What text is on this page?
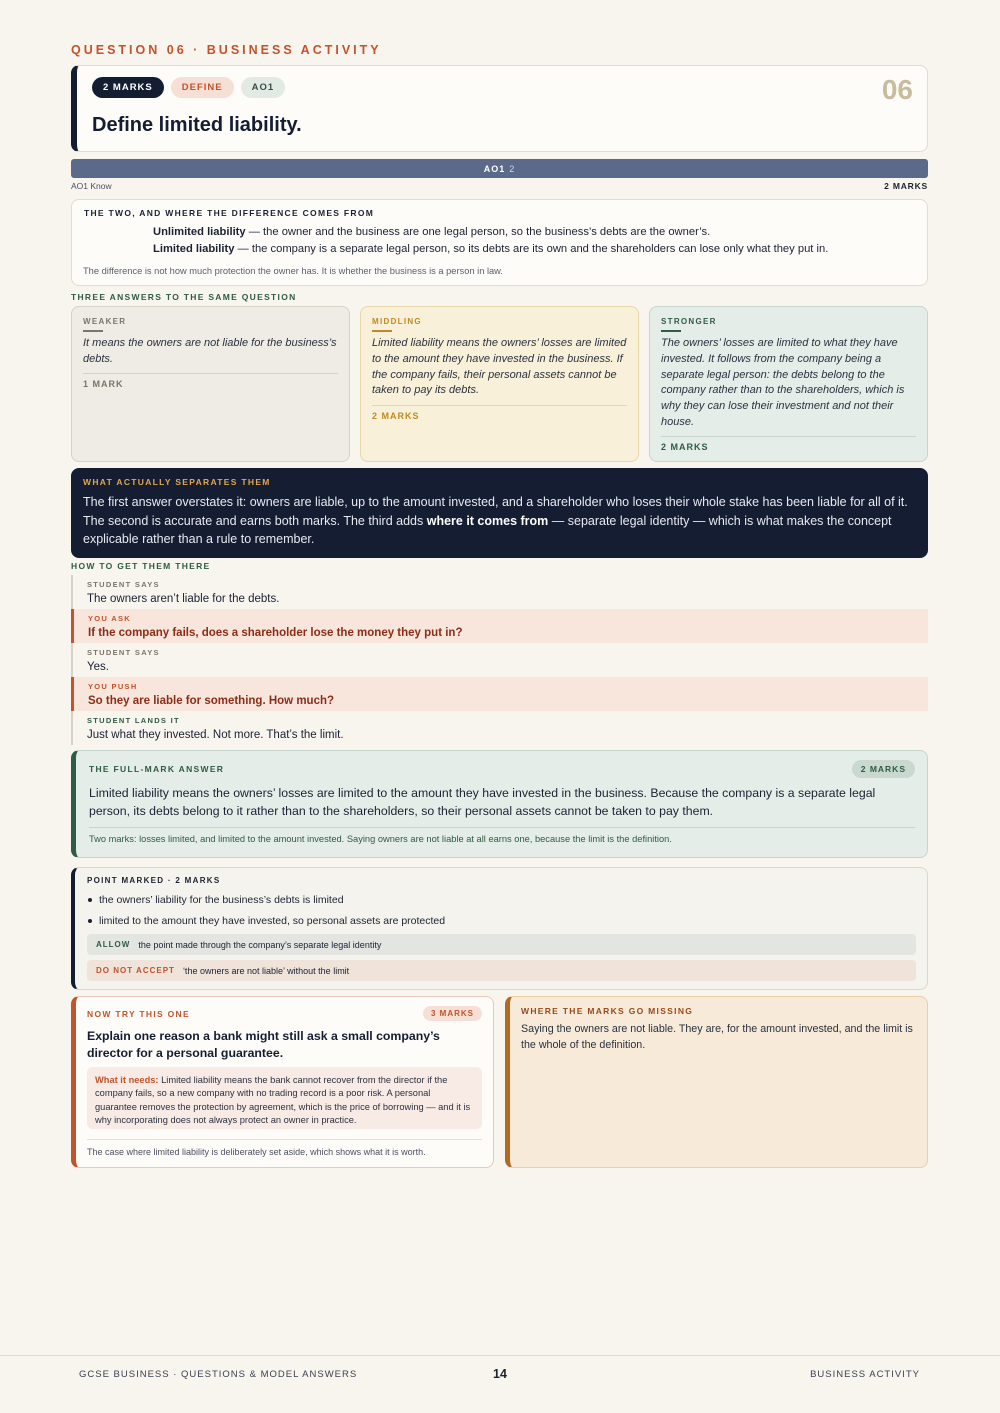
QUESTION 06 · BUSINESS ACTIVITY
2 MARKS	DEFINE	AO1	06
Define limited liability.
AO1 2
AO1 Know	2 MARKS
THE TWO, AND WHERE THE DIFFERENCE COMES FROM
Unlimited liability — the owner and the business are one legal person, so the business’s debts are the owner’s.
Limited liability — the company is a separate legal person, so its debts are its own and the shareholders can lose only what they put in.
The difference is not how much protection the owner has. It is whether the business is a person in law.
THREE ANSWERS TO THE SAME QUESTION
WEAKER
It means the owners are not liable for the business’s debts.
1 MARK
MIDDLING
Limited liability means the owners’ losses are limited to the amount they have invested in the business. If the company fails, their personal assets cannot be taken to pay its debts.
2 MARKS
STRONGER
The owners’ losses are limited to what they have invested. It follows from the company being a separate legal person: the debts belong to the company rather than to the shareholders, which is why they can lose their investment and not their house.
2 MARKS
WHAT ACTUALLY SEPARATES THEM
The first answer overstates it: owners are liable, up to the amount invested, and a shareholder who loses their whole stake has been liable for all of it. The second is accurate and earns both marks. The third adds where it comes from — separate legal identity — which is what makes the concept explicable rather than a rule to remember.
HOW TO GET THEM THERE
STUDENT SAYS
The owners aren’t liable for the debts.
YOU ASK
If the company fails, does a shareholder lose the money they put in?
STUDENT SAYS
Yes.
YOU PUSH
So they are liable for something. How much?
STUDENT LANDS IT
Just what they invested. Not more. That’s the limit.
THE FULL-MARK ANSWER	2 MARKS
Limited liability means the owners’ losses are limited to the amount they have invested in the business. Because the company is a separate legal person, its debts belong to it rather than to the shareholders, so their personal assets cannot be taken to pay them.
Two marks: losses limited, and limited to the amount invested. Saying owners are not liable at all earns one, because the limit is the definition.
POINT MARKED · 2 MARKS
the owners’ liability for the business’s debts is limited
limited to the amount they have invested, so personal assets are protected
ALLOW the point made through the company’s separate legal identity
DO NOT ACCEPT ‘the owners are not liable’ without the limit
NOW TRY THIS ONE	3 MARKS
Explain one reason a bank might still ask a small company’s director for a personal guarantee.
What it needs: Limited liability means the bank cannot recover from the director if the company fails, so a new company with no trading record is a poor risk. A personal guarantee removes the protection by agreement, which is the price of borrowing — and it is why incorporating does not always protect an owner in practice.
The case where limited liability is deliberately set aside, which shows what it is worth.
WHERE THE MARKS GO MISSING
Saying the owners are not liable. They are, for the amount invested, and the limit is the whole of the definition.
GCSE BUSINESS · QUESTIONS & MODEL ANSWERS	14	BUSINESS ACTIVITY
